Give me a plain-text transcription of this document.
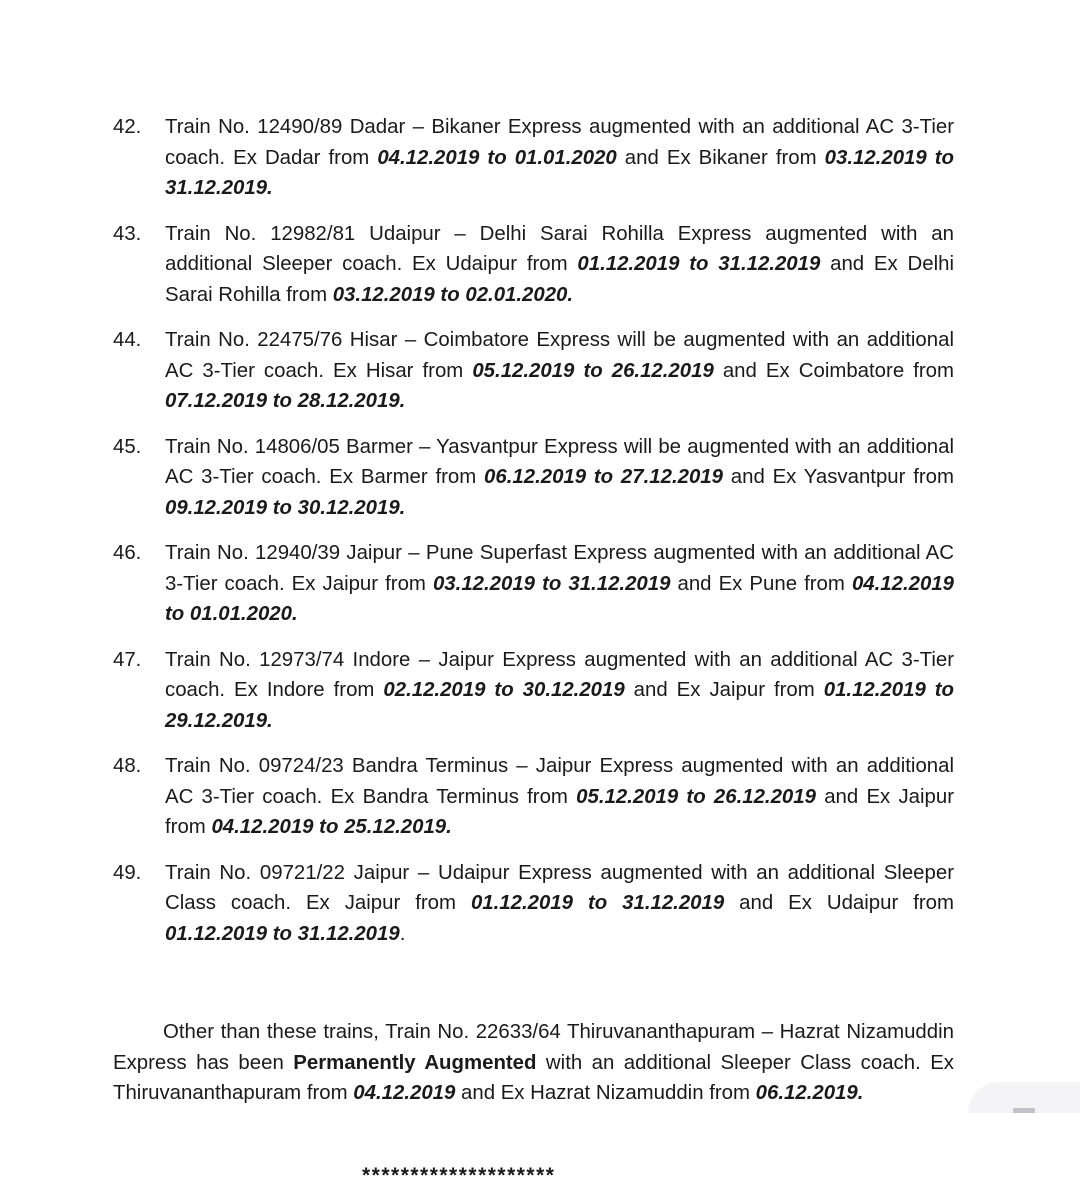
42. Train No. 12490/89 Dadar – Bikaner Express augmented with an additional AC 3-Tier coach. Ex Dadar from 04.12.2019 to 01.01.2020 and Ex Bikaner from 03.12.2019 to 31.12.2019.
43. Train No. 12982/81 Udaipur – Delhi Sarai Rohilla Express augmented with an additional Sleeper coach. Ex Udaipur from 01.12.2019 to 31.12.2019 and Ex Delhi Sarai Rohilla from 03.12.2019 to 02.01.2020.
44. Train No. 22475/76 Hisar – Coimbatore Express will be augmented with an additional AC 3-Tier coach. Ex Hisar from 05.12.2019 to 26.12.2019 and Ex Coimbatore from 07.12.2019 to 28.12.2019.
45. Train No. 14806/05 Barmer – Yasvantpur Express will be augmented with an additional AC 3-Tier coach. Ex Barmer from 06.12.2019 to 27.12.2019 and Ex Yasvantpur from 09.12.2019 to 30.12.2019.
46. Train No. 12940/39 Jaipur – Pune Superfast Express augmented with an additional AC 3-Tier coach. Ex Jaipur from 03.12.2019 to 31.12.2019 and Ex Pune from 04.12.2019 to 01.01.2020.
47. Train No. 12973/74 Indore – Jaipur Express augmented with an additional AC 3-Tier coach. Ex Indore from 02.12.2019 to 30.12.2019 and Ex Jaipur from 01.12.2019 to 29.12.2019.
48. Train No. 09724/23 Bandra Terminus – Jaipur Express augmented with an additional AC 3-Tier coach. Ex Bandra Terminus from 05.12.2019 to 26.12.2019 and Ex Jaipur from 04.12.2019 to 25.12.2019.
49. Train No. 09721/22 Jaipur – Udaipur Express augmented with an additional Sleeper Class coach. Ex Jaipur from 01.12.2019 to 31.12.2019 and Ex Udaipur from 01.12.2019 to 31.12.2019.

Other than these trains, Train No. 22633/64 Thiruvananthapuram – Hazrat Nizamuddin Express has been Permanently Augmented with an additional Sleeper Class coach. Ex Thiruvananthapuram from 04.12.2019 and Ex Hazrat Nizamuddin from 06.12.2019.

********************
